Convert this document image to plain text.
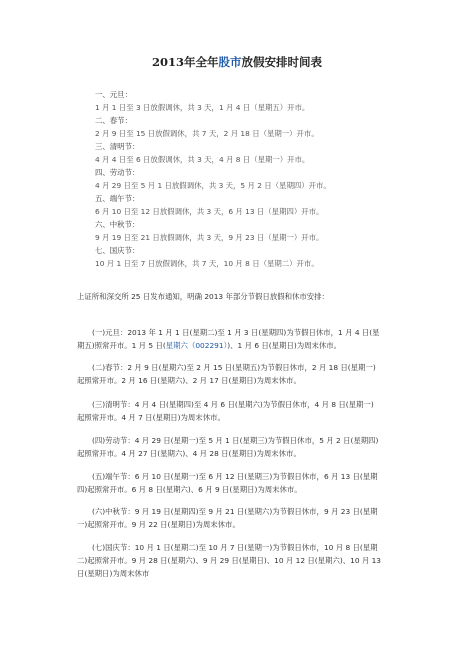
2013年全年股市放假安排时间表
一、元旦：
1 月 1 日至 3 日放假调休，共 3 天，1 月 4 日（星期五）开市。
二、春节：
2 月 9 日至 15 日放假调休，共 7 天，2 月 18 日（星期一）开市。
三、清明节：
4 月 4 日至 6 日放假调休，共 3 天，4 月 8 日（星期一）开市。
四、劳动节：
4 月 29 日至 5 月 1 日放假调休，共 3 天，5 月 2 日（星期四）开市。
五、端午节：
6 月 10 日至 12 日放假调休，共 3 天，6 月 13 日（星期四）开市。
六、中秋节：
9 月 19 日至 21 日放假调休，共 3 天，9 月 23 日（星期一）开市。
七、国庆节：
10 月 1 日至 7 日放假调休，共 7 天，10 月 8 日（星期二）开市。
上证所和深交所 25 日发布通知，明确 2013 年部分节假日放假和休市安排：
(一)元旦：2013 年 1 月 1 日(星期二)至 1 月 3 日(星期四)为节假日休市，1 月 4 日(星
期五)照常开市。1 月 5 日(星期六（002291）)、1 月 6 日(星期日)为周末休市。
(二)春节：2 月 9 日(星期六)至 2 月 15 日(星期五)为节假日休市，2 月 18 日(星期一)
起照常开市。2 月 16 日(星期六)、2 月 17 日(星期日)为周末休市。
(三)清明节：4 月 4 日(星期四)至 4 月 6 日(星期六)为节假日休市，4 月 8 日(星期一)
起照常开市。4 月 7 日(星期日)为周末休市。
(四)劳动节：4 月 29 日(星期一)至 5 月 1 日(星期三)为节假日休市，5 月 2 日(星期四)
起照常开市。4 月 27 日(星期六)、4 月 28 日(星期日)为周末休市。
(五)端午节：6 月 10 日(星期一)至 6 月 12 日(星期三)为节假日休市，6 月 13 日(星期
四)起照常开市。6 月 8 日(星期六)、6 月 9 日(星期日)为周末休市。
(六)中秋节：9 月 19 日(星期四)至 9 月 21 日(星期六)为节假日休市，9 月 23 日(星期
一)起照常开市。9 月 22 日(星期日)为周末休市。
(七)国庆节：10 月 1 日(星期二)至 10 月 7 日(星期一)为节假日休市，10 月 8 日(星期
二)起照常开市。9 月 28 日(星期六)、9 月 29 日(星期日)、10 月 12 日(星期六)、10 月 13
日(星期日)为周末休市
